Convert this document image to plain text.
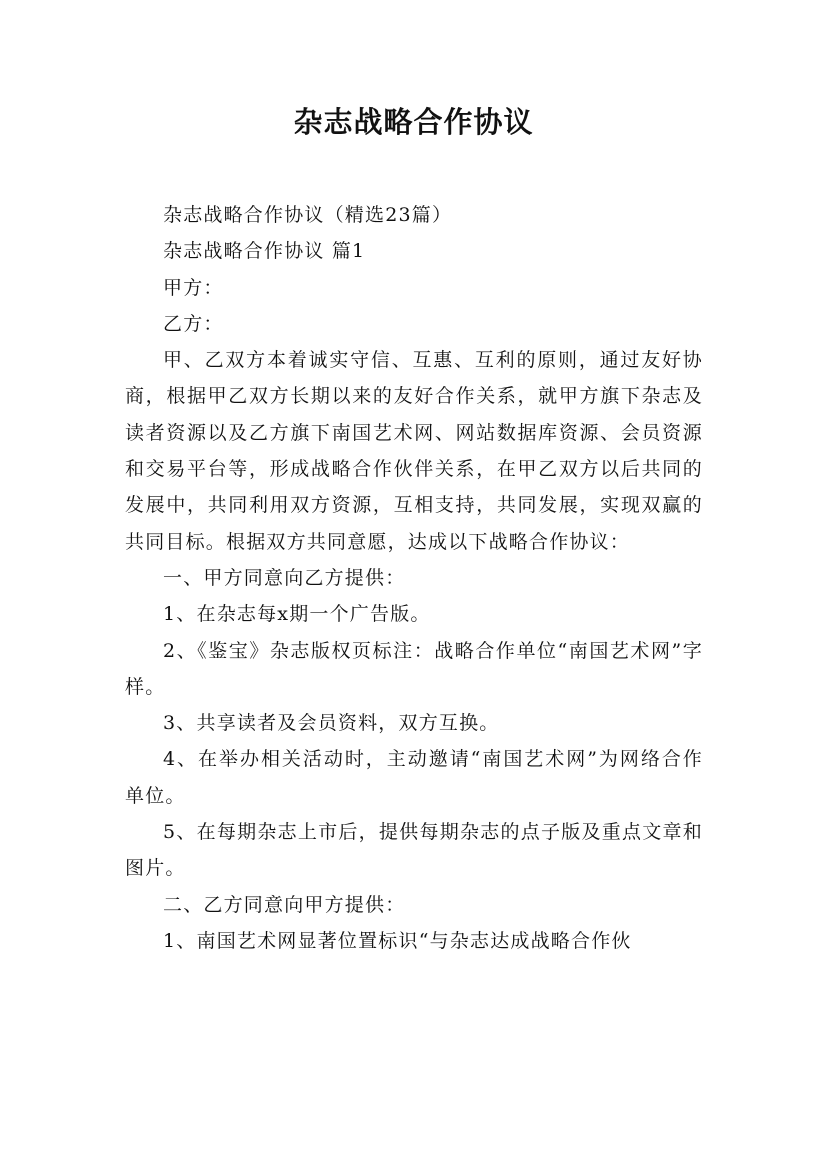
杂志战略合作协议

杂志战略合作协议（精选23篇）

杂志战略合作协议 篇1

甲方：

乙方：

甲、乙双方本着诚实守信、互惠、互利的原则，通过友好协商，根据甲乙双方长期以来的友好合作关系，就甲方旗下杂志及读者资源以及乙方旗下南国艺术网、网站数据库资源、会员资源和交易平台等，形成战略合作伙伴关系，在甲乙双方以后共同的发展中，共同利用双方资源，互相支持，共同发展，实现双赢的共同目标。根据双方共同意愿，达成以下战略合作协议：

一、甲方同意向乙方提供：

1、在杂志每x期一个广告版。

2、《鉴宝》杂志版权页标注：战略合作单位“南国艺术网”字样。

3、共享读者及会员资料，双方互换。

4、在举办相关活动时，主动邀请“南国艺术网”为网络合作单位。

5、在每期杂志上市后，提供每期杂志的点子版及重点文章和图片。

二、乙方同意向甲方提供：

1、南国艺术网显著位置标识“与杂志达成战略合作伙
